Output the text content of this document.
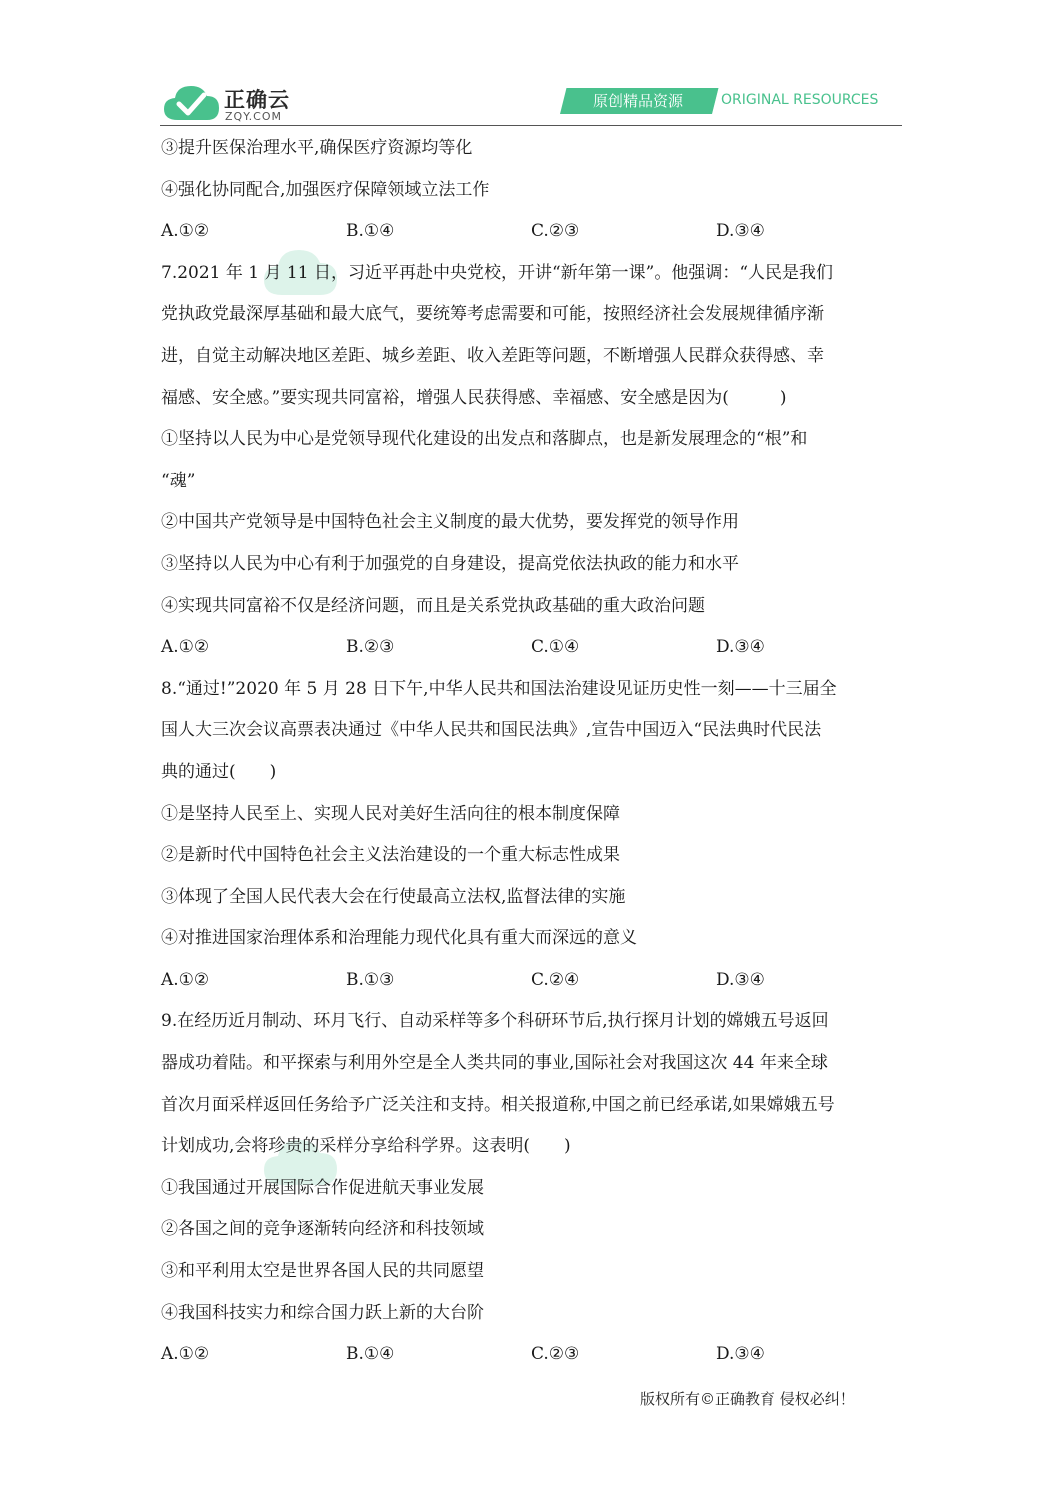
正确云
ZQY.COM
原创精品资源	ORIGINAL RESOURCES
③提升医保治理水平,确保医疗资源均等化
④强化协同配合,加强医疗保障领域立法工作
A.①②	B.①④	C.②③	D.③④
7.2021 年 1 月 11 日，习近平再赴中央党校，开讲“新年第一课”。他强调：“人民是我们
党执政党最深厚基础和最大底气，要统筹考虑需要和可能，按照经济社会发展规律循序渐
进，自觉主动解决地区差距、城乡差距、收入差距等问题，不断增强人民群众获得感、幸
福感、安全感。”要实现共同富裕，增强人民获得感、幸福感、安全感是因为(　　　)
①坚持以人民为中心是党领导现代化建设的出发点和落脚点，也是新发展理念的“根”和
“魂”
②中国共产党领导是中国特色社会主义制度的最大优势，要发挥党的领导作用
③坚持以人民为中心有利于加强党的自身建设，提高党依法执政的能力和水平
④实现共同富裕不仅是经济问题，而且是关系党执政基础的重大政治问题
A.①②	B.②③	C.①④	D.③④
8.“通过!”2020 年 5 月 28 日下午,中华人民共和国法治建设见证历史性一刻——十三届全
国人大三次会议高票表决通过《中华人民共和国民法典》,宣告中国迈入“民法典时代民法
典的通过(　　)
①是坚持人民至上、实现人民对美好生活向往的根本制度保障
②是新时代中国特色社会主义法治建设的一个重大标志性成果
③体现了全国人民代表大会在行使最高立法权,监督法律的实施
④对推进国家治理体系和治理能力现代化具有重大而深远的意义
A.①②	B.①③	C.②④	D.③④
9.在经历近月制动、环月飞行、自动采样等多个科研环节后,执行探月计划的嫦娥五号返回
器成功着陆。和平探索与利用外空是全人类共同的事业,国际社会对我国这次 44 年来全球
首次月面采样返回任务给予广泛关注和支持。相关报道称,中国之前已经承诺,如果嫦娥五号
计划成功,会将珍贵的采样分享给科学界。这表明(　　)
①我国通过开展国际合作促进航天事业发展
②各国之间的竞争逐渐转向经济和科技领域
③和平利用太空是世界各国人民的共同愿望
④我国科技实力和综合国力跃上新的大台阶
A.①②	B.①④	C.②③	D.③④
版权所有©正确教育 侵权必纠！
